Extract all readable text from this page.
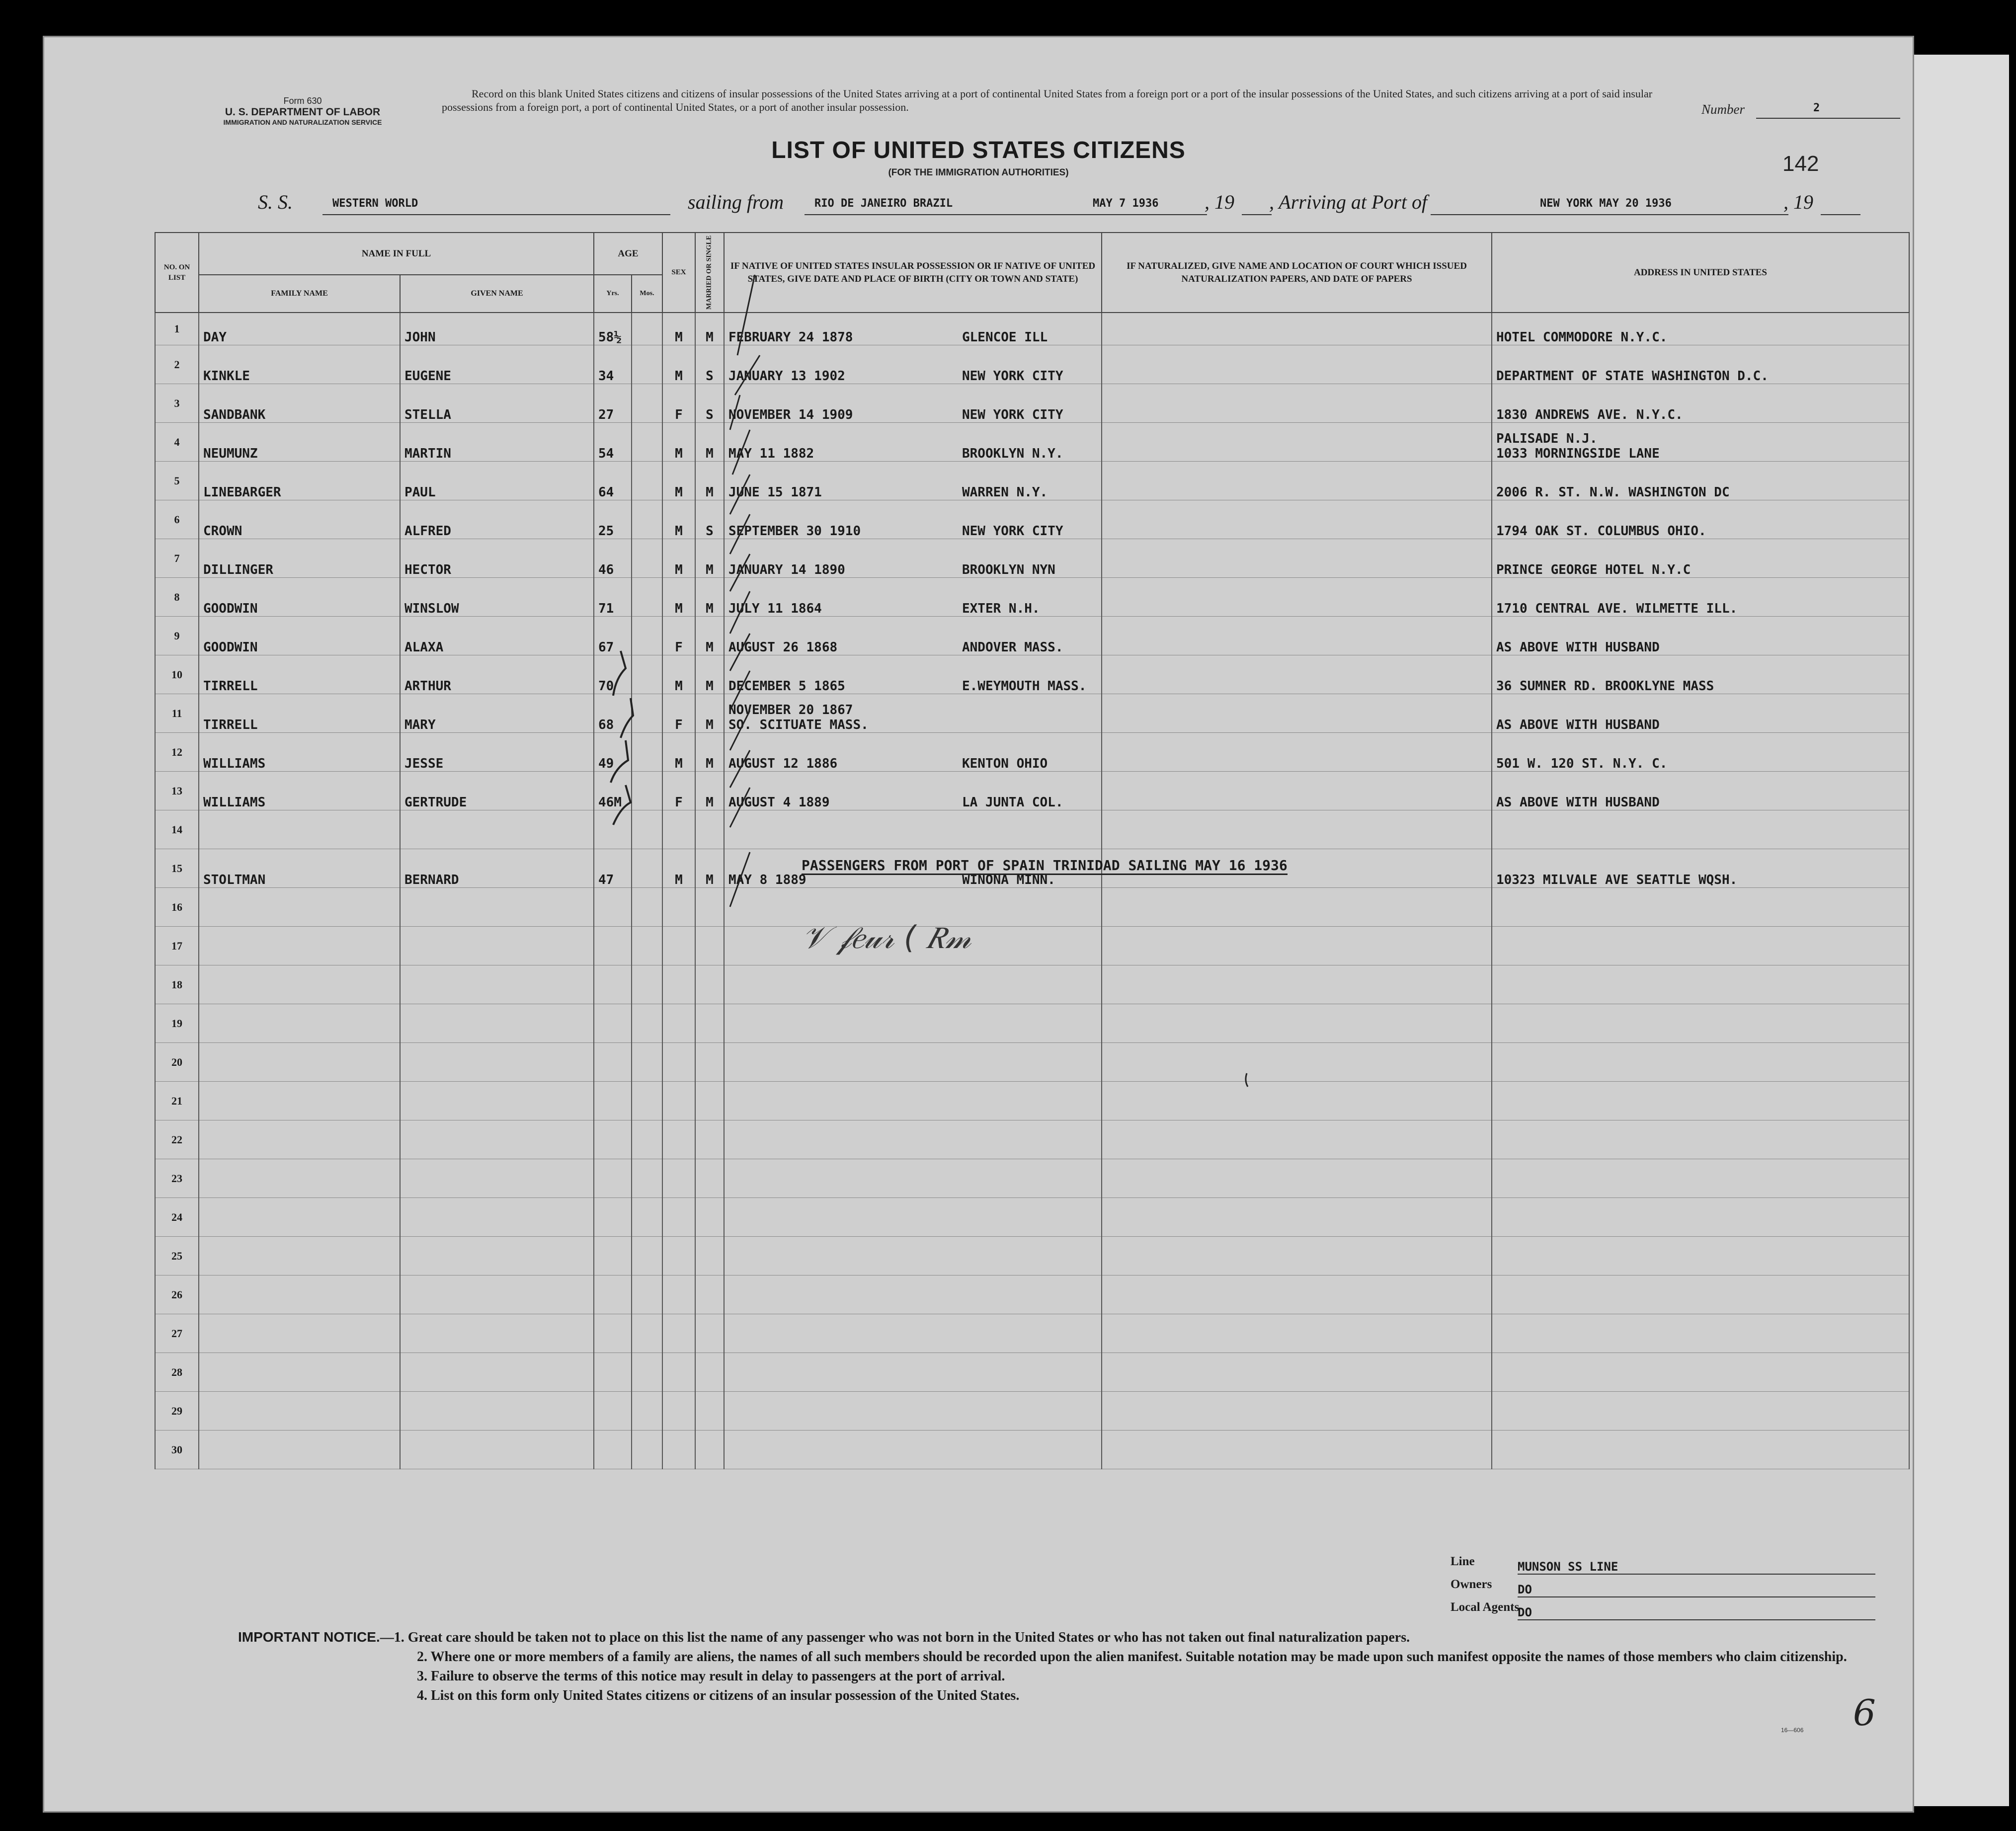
Form 630
U. S. DEPARTMENT OF LABOR
IMMIGRATION AND NATURALIZATION SERVICE
Record on this blank United States citizens and citizens of insular possessions of the United States arriving at a port of continental United States from a foreign port or a port of the insular possessions of the United States, and such citizens arriving at a port of said insular possessions from a foreign port, a port of continental United States, or a port of another insular possession.	Number	2
142
LIST OF UNITED STATES CITIZENS
(FOR THE IMMIGRATION AUTHORITIES)
S. S.	WESTERN WORLD	sailing from	RIO DE JANEIRO BRAZIL	MAY 7 1936 , 19 , Arriving at Port of	NEW YORK MAY 20 1936	, 19
NO. ON LIST	NAME IN FULL		AGE		SEX	MARRIED OR SINGLE	IF NATIVE OF UNITED STATES INSULAR POSSESSION OR IF NATIVE OF UNITED STATES, GIVE DATE AND PLACE OF BIRTH (CITY OR TOWN AND STATE)	IF NATURALIZED, GIVE NAME AND LOCATION OF COURT WHICH ISSUED NATURALIZATION PAPERS, AND DATE OF PAPERS	ADDRESS IN UNITED STATES
	FAMILY NAME	GIVEN NAME	Yrs.	Mos.					
1	DAY	JOHN	58½		M	M	FEBRUARY 24 1878 GLENCOE ILL		HOTEL COMMODORE N.Y.C.
2	KINKLE	EUGENE	34		M	S	JANUARY 13 1902 NEW YORK CITY		DEPARTMENT OF STATE WASHINGTON D.C.
3	SANDBANK	STELLA	27		F	S	NOVEMBER 14 1909 NEW YORK CITY		1830 ANDREWS AVE. N.Y.C.
4	NEUMUNZ	MARTIN	54		M	M	MAY 11 1882 BROOKLYN N.Y.		PALISADE N.J.
1033 MORNINGSIDE LANE

5	LINEBARGER	PAUL	64		M	M	JUNE 15 1871 WARREN N.Y.		2006 R. ST. N.W. WASHINGTON DC
6	CROWN	ALFRED	25		M	S	SEPTEMBER 30 1910 NEW YORK CITY		1794 OAK ST. COLUMBUS OHIO.
7	DILLINGER	HECTOR	46		M	M	JANUARY 14 1890 BROOKLYN NYN		PRINCE GEORGE HOTEL N.Y.C
8	GOODWIN	WINSLOW	71		M	M	JULY 11 1864 EXTER N.H.		1710 CENTRAL AVE. WILMETTE ILL.
9	GOODWIN	ALAXA	67		F	M	AUGUST 26 1868 ANDOVER MASS.		AS ABOVE WITH HUSBAND
10	TIRRELL	ARTHUR	70		M	M	DECEMBER 5 1865 E.WEYMOUTH MASS.		36 SUMNER RD. BROOKLYNE MASS
11	TIRRELL	MARY	68		F	M	NOVEMBER 20 1867SO. SCITUATE MASS.		AS ABOVE WITH HUSBAND
12	WILLIAMS	JESSE	49		M	M	AUGUST 12 1886 KENTON OHIO		501 W. 120 ST. N.Y. C.
13	WILLIAMS	GERTRUDE	46M		F	M	AUGUST 4 1889 LA JUNTA COL.		AS ABOVE WITH HUSBAND
14									
15	STOLTMAN	BERNARD	47		M	M	MAY 8 1889 WINONA MINN.		10323 MILVALE AVE SEATTLE WQSH.
16									
17									
18									
19									
20									
21									
22									
23									
24									
25									
26									
27									
28									
29									
30									
PASSENGERS FROM PORT OF SPAIN TRINIDAD SAILING MAY 16 1936
𝒱 𝒻𝑒𝓊𝓇 ( 𝑅𝓂
Line	MUNSON SS LINE
Owners DO
Local Agents
DO

IMPORTANT NOTICE.—1. Great care should be taken not to place on this list the name of any passenger who was not born in the United States or who has not taken out final naturalization papers.

2. Where one or more members of a family are aliens, the names of all such members should be recorded upon the alien manifest. Suitable notation may be made upon such manifest opposite the names of those members who claim citizenship.

3. Failure to observe the terms of this notice may result in delay to passengers at the port of arrival.

4. List on this form only United States citizens or citizens of an insular possession of the United States.

16—606 6
